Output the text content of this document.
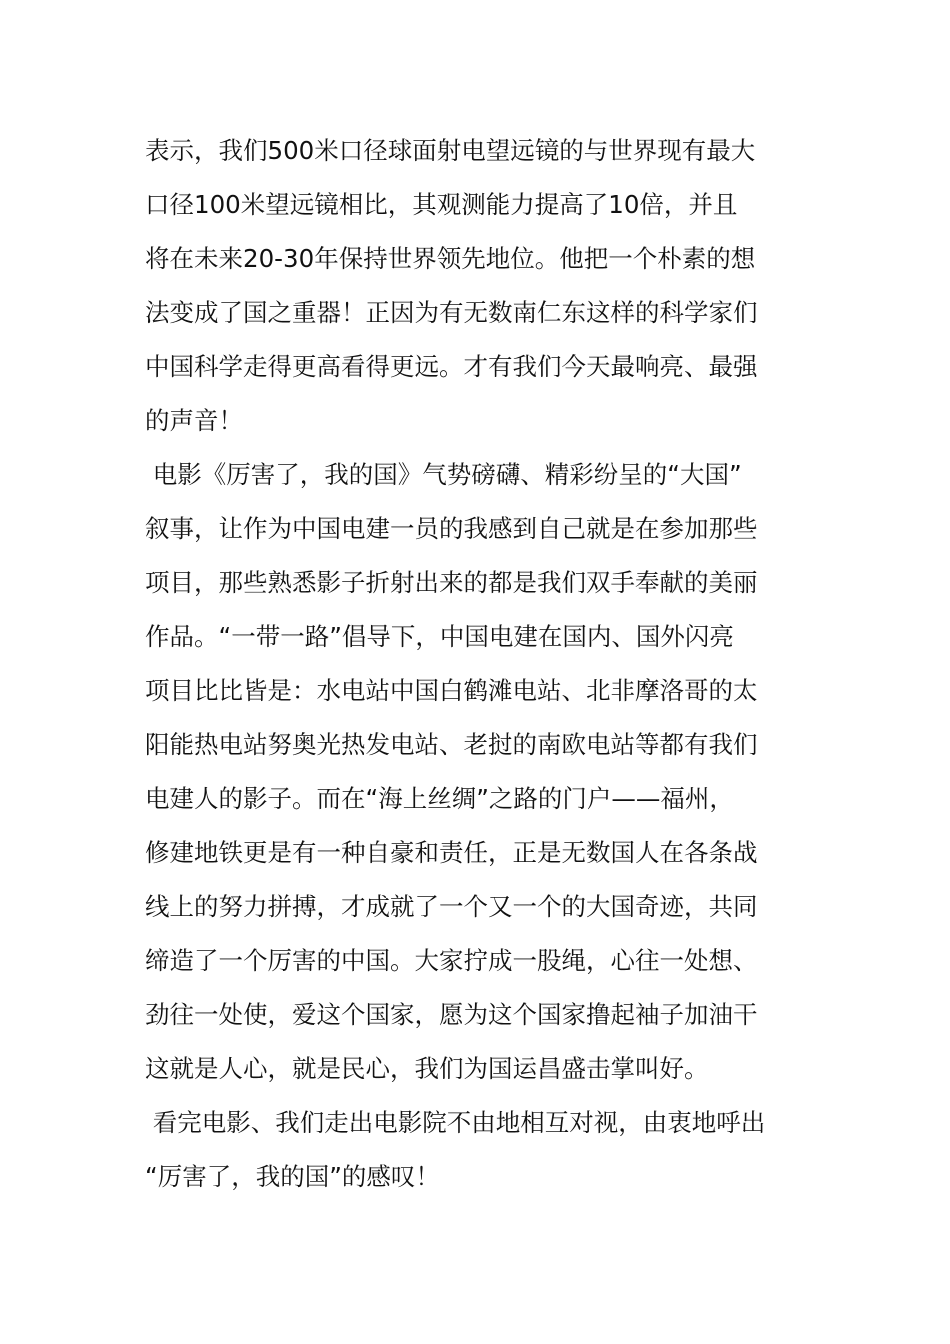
表示，我们500米口径球面射电望远镜的与世界现有最大
口径100米望远镜相比，其观测能力提高了10倍，并且
将在未来20-30年保持世界领先地位。他把一个朴素的想
法变成了国之重器！正因为有无数南仁东这样的科学家们
中国科学走得更高看得更远。才有我们今天最响亮、最强
的声音！
电影《厉害了，我的国》气势磅礴、精彩纷呈的“大国”
叙事，让作为中国电建一员的我感到自己就是在参加那些
项目，那些熟悉影子折射出来的都是我们双手奉献的美丽
作品。“一带一路”倡导下，中国电建在国内、国外闪亮
项目比比皆是：水电站中国白鹤滩电站、北非摩洛哥的太
阳能热电站努奥光热发电站、老挝的南欧电站等都有我们
电建人的影子。而在“海上丝绸”之路的门户——福州，
修建地铁更是有一种自豪和责任，正是无数国人在各条战
线上的努力拼搏，才成就了一个又一个的大国奇迹，共同
缔造了一个厉害的中国。大家拧成一股绳，心往一处想、
劲往一处使，爱这个国家，愿为这个国家撸起袖子加油干
这就是人心，就是民心，我们为国运昌盛击掌叫好。
看完电影、我们走出电影院不由地相互对视，由衷地呼出
“厉害了，我的国”的感叹！
